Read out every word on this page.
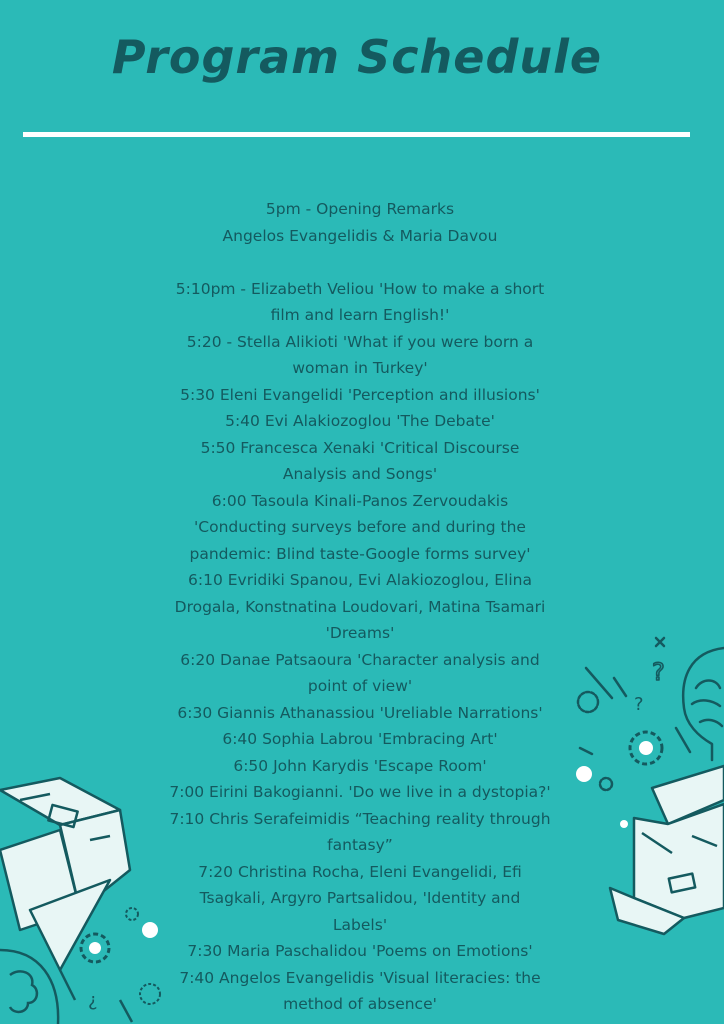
Program Schedule
5pm - Opening Remarks
Angelos Evangelidis & Maria Davou
5:10pm - Elizabeth Veliou 'How to make a short
film and learn English!'
5:20 - Stella Alikioti 'What if you were born a
woman in Turkey'
5:30 Eleni Evangelidi 'Perception and illusions'
5:40 Evi Alakiozoglou 'The Debate'
5:50 Francesca Xenaki 'Critical Discourse
Analysis and Songs'
6:00 Tasoula Kinali-Panos Zervoudakis
'Conducting surveys before and during the
pandemic: Blind taste-Google forms survey'
6:10 Evridiki Spanou, Evi Alakiozoglou, Elina
Drogala, Konstnatina Loudovari, Matina Tsamari
'Dreams'
6:20 Danae Patsaoura 'Character analysis and
point of view'
6:30 Giannis Athanassiou 'Ureliable Narrations'
6:40 Sophia Labrou 'Embracing Art'
6:50 John Karydis 'Escape Room'
7:00 Eirini Bakogianni. 'Do we live in a dystopia?'
7:10 Chris Serafeimidis “Teaching reality through
fantasy”
7:20 Christina Rocha, Eleni Evangelidi, Efi
Tsagkali, Argyro Partsalidou, 'Identity and
Labels'
7:30 Maria Paschalidou 'Poems on Emotions'
7:40 Angelos Evangelidis 'Visual literacies: the
method of absence'
¿
?
?
